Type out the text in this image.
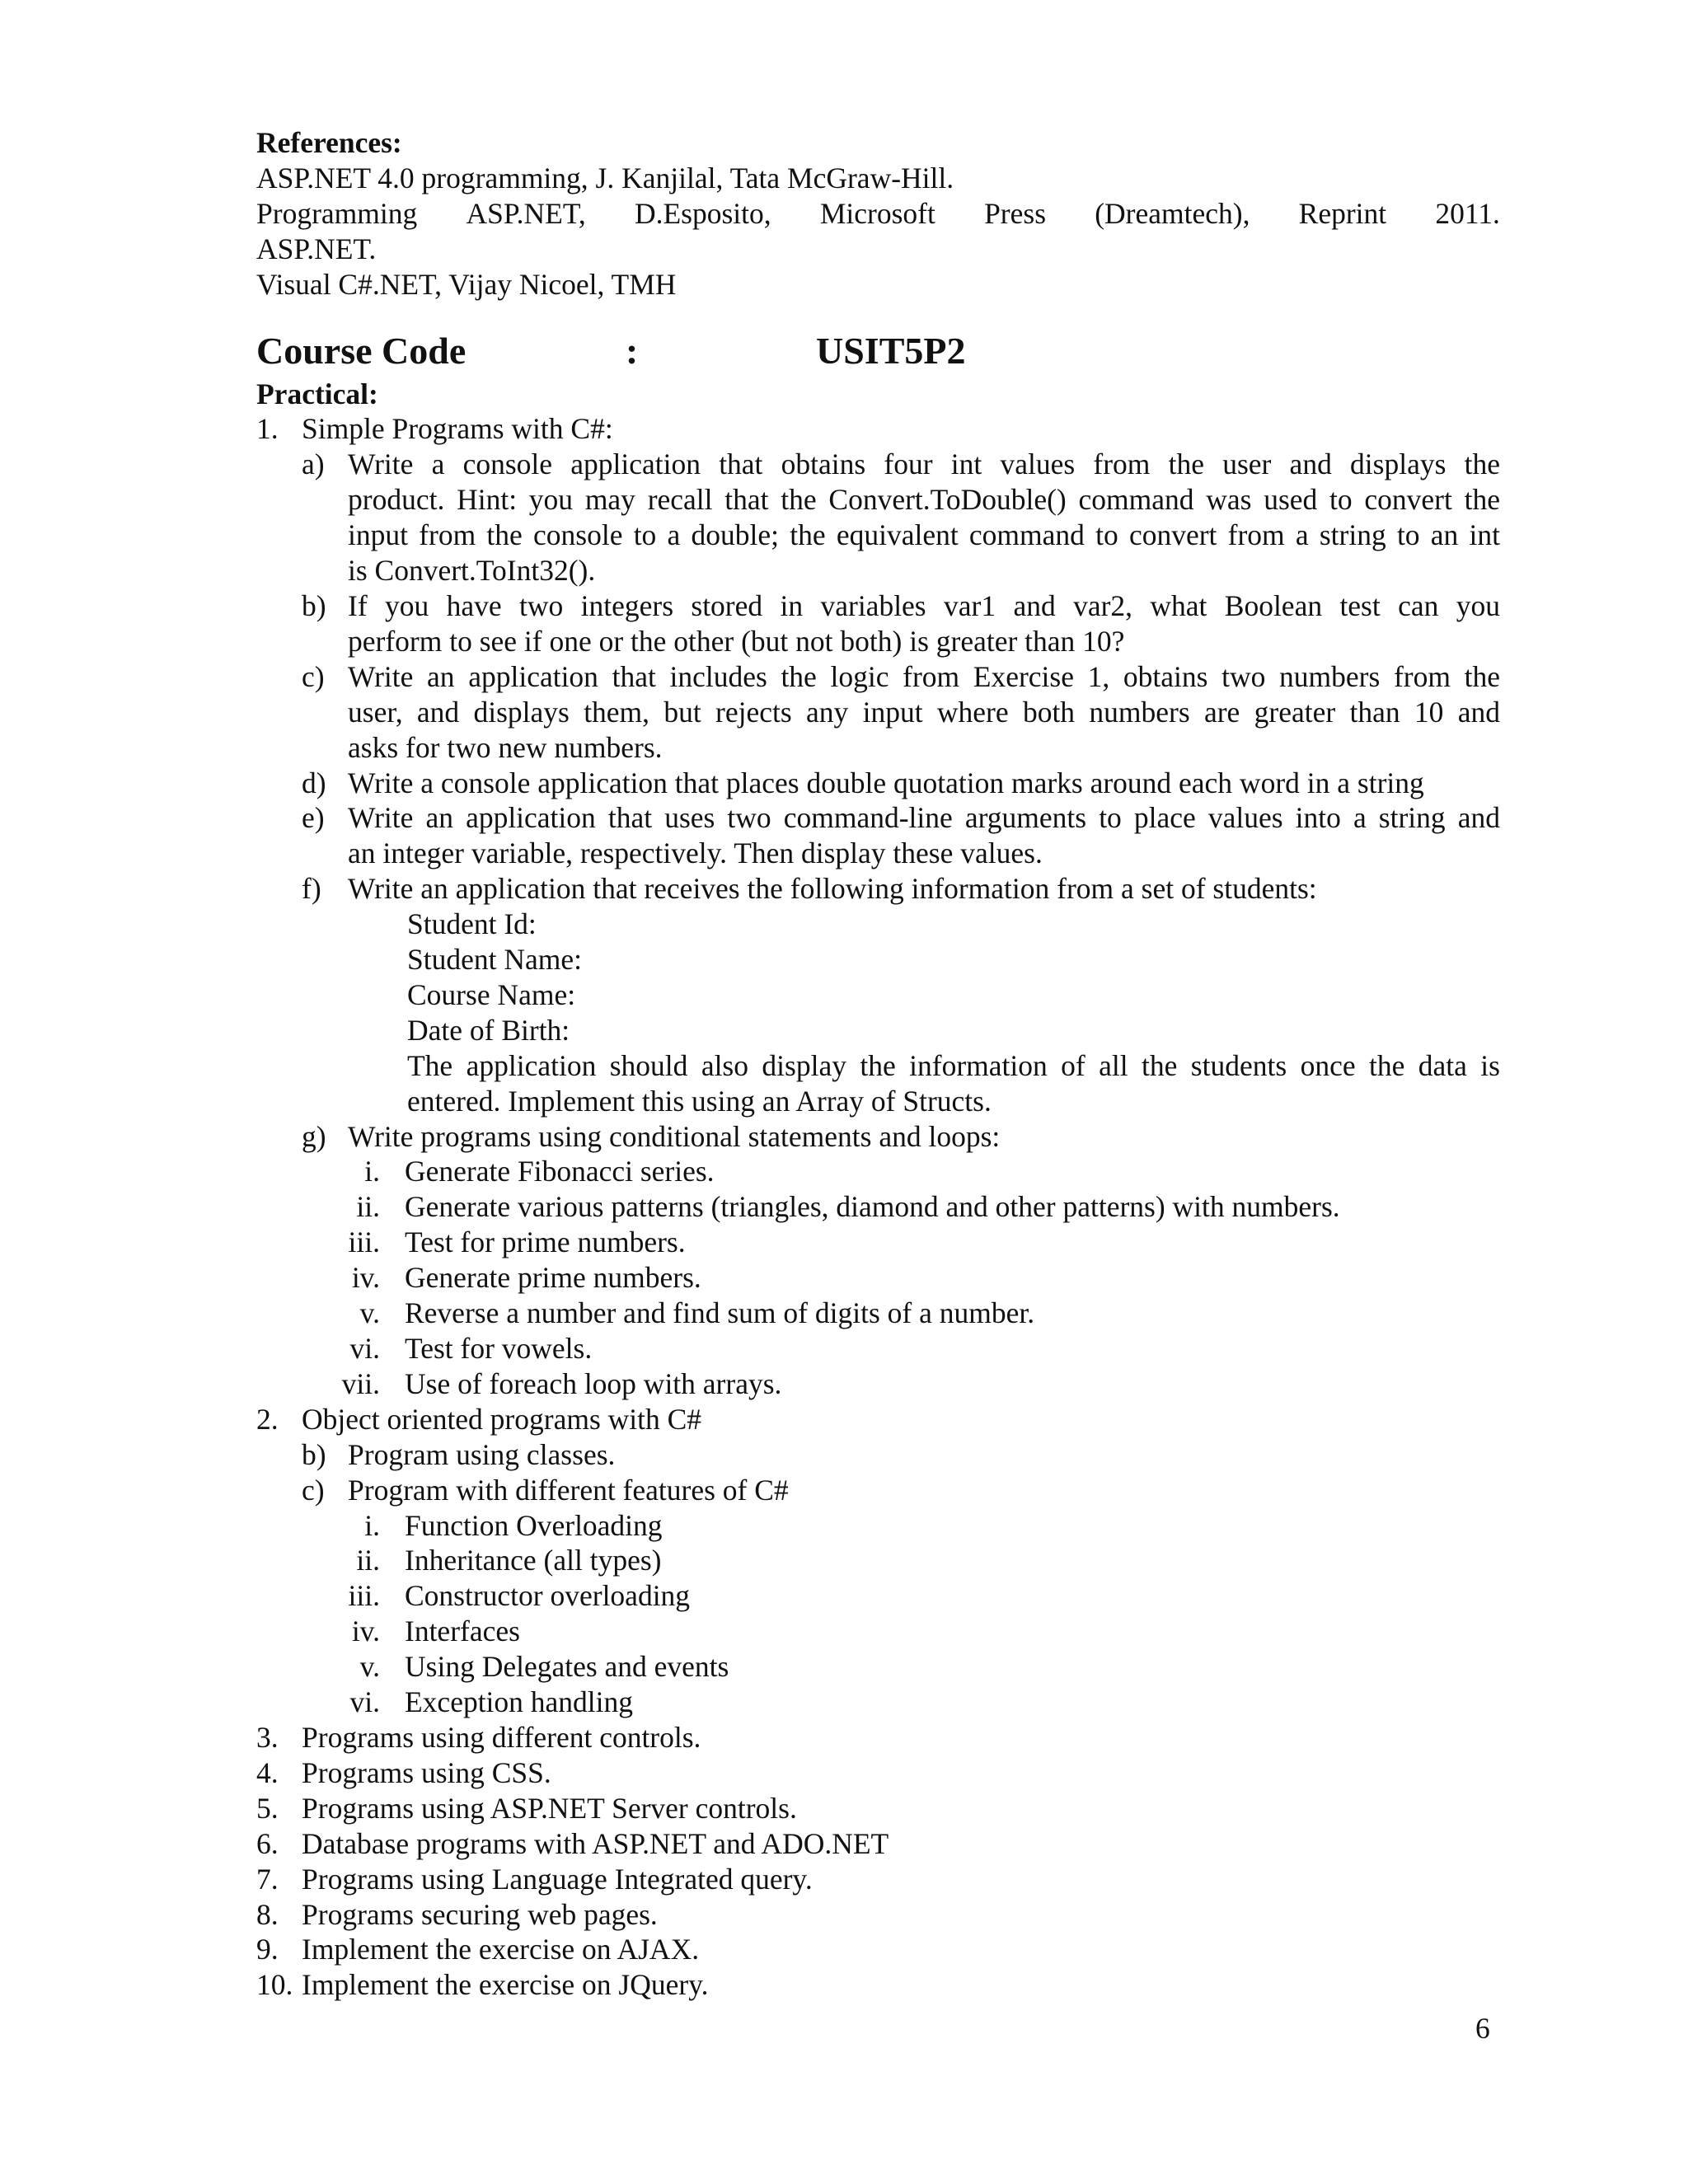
References:

ASP.NET 4.0 programming, J. Kanjilal, Tata McGraw-Hill.

Programming ASP.NET, D.Esposito, Microsoft Press (Dreamtech), Reprint 2011.

ASP.NET.

Visual C#.NET, Vijay Nicoel, TMH

Course Code	:	USIT5P2

Practical:

1. Simple Programs with C#:
a) Write a console application that obtains four int values from the user and displays the

product. Hint: you may recall that the Convert.ToDouble() command was used to convert the

input from the console to a double; the equivalent command to convert from a string to an int

is Convert.ToInt32().

b) If you have two integers stored in variables var1 and var2, what Boolean test can you

perform to see if one or the other (but not both) is greater than 10?

c) Write an application that includes the logic from Exercise 1, obtains two numbers from the

user, and displays them, but rejects any input where both numbers are greater than 10 and

asks for two new numbers.

d) Write a console application that places double quotation marks around each word in a string

e) Write an application that uses two command-line arguments to place values into a string and

an integer variable, respectively. Then display these values.

f) Write an application that receives the following information from a set of students:

Student Id:

Student Name:

Course Name:

Date of Birth:

The application should also display the information of all the students once the data is

entered. Implement this using an Array of Structs.

g) Write programs using conditional statements and loops:

i. Generate Fibonacci series.
ii. Generate various patterns (triangles, diamond and other patterns) with numbers.
iii. Test for prime numbers.
iv. Generate prime numbers.
v. Reverse a number and find sum of digits of a number.
vi. Test for vowels.
vii. Use of foreach loop with arrays.
2. Object oriented programs with C#
b) Program using classes.
c) Program with different features of C#
i. Function Overloading
ii. Inheritance (all types)
iii. Constructor overloading
iv. Interfaces
v. Using Delegates and events
vi. Exception handling
3. Programs using different controls.
4. Programs using CSS.
5. Programs using ASP.NET Server controls.
6. Database programs with ASP.NET and ADO.NET
7. Programs using Language Integrated query.
8. Programs securing web pages.
9. Implement the exercise on AJAX.
10. Implement the exercise on JQuery.
6
